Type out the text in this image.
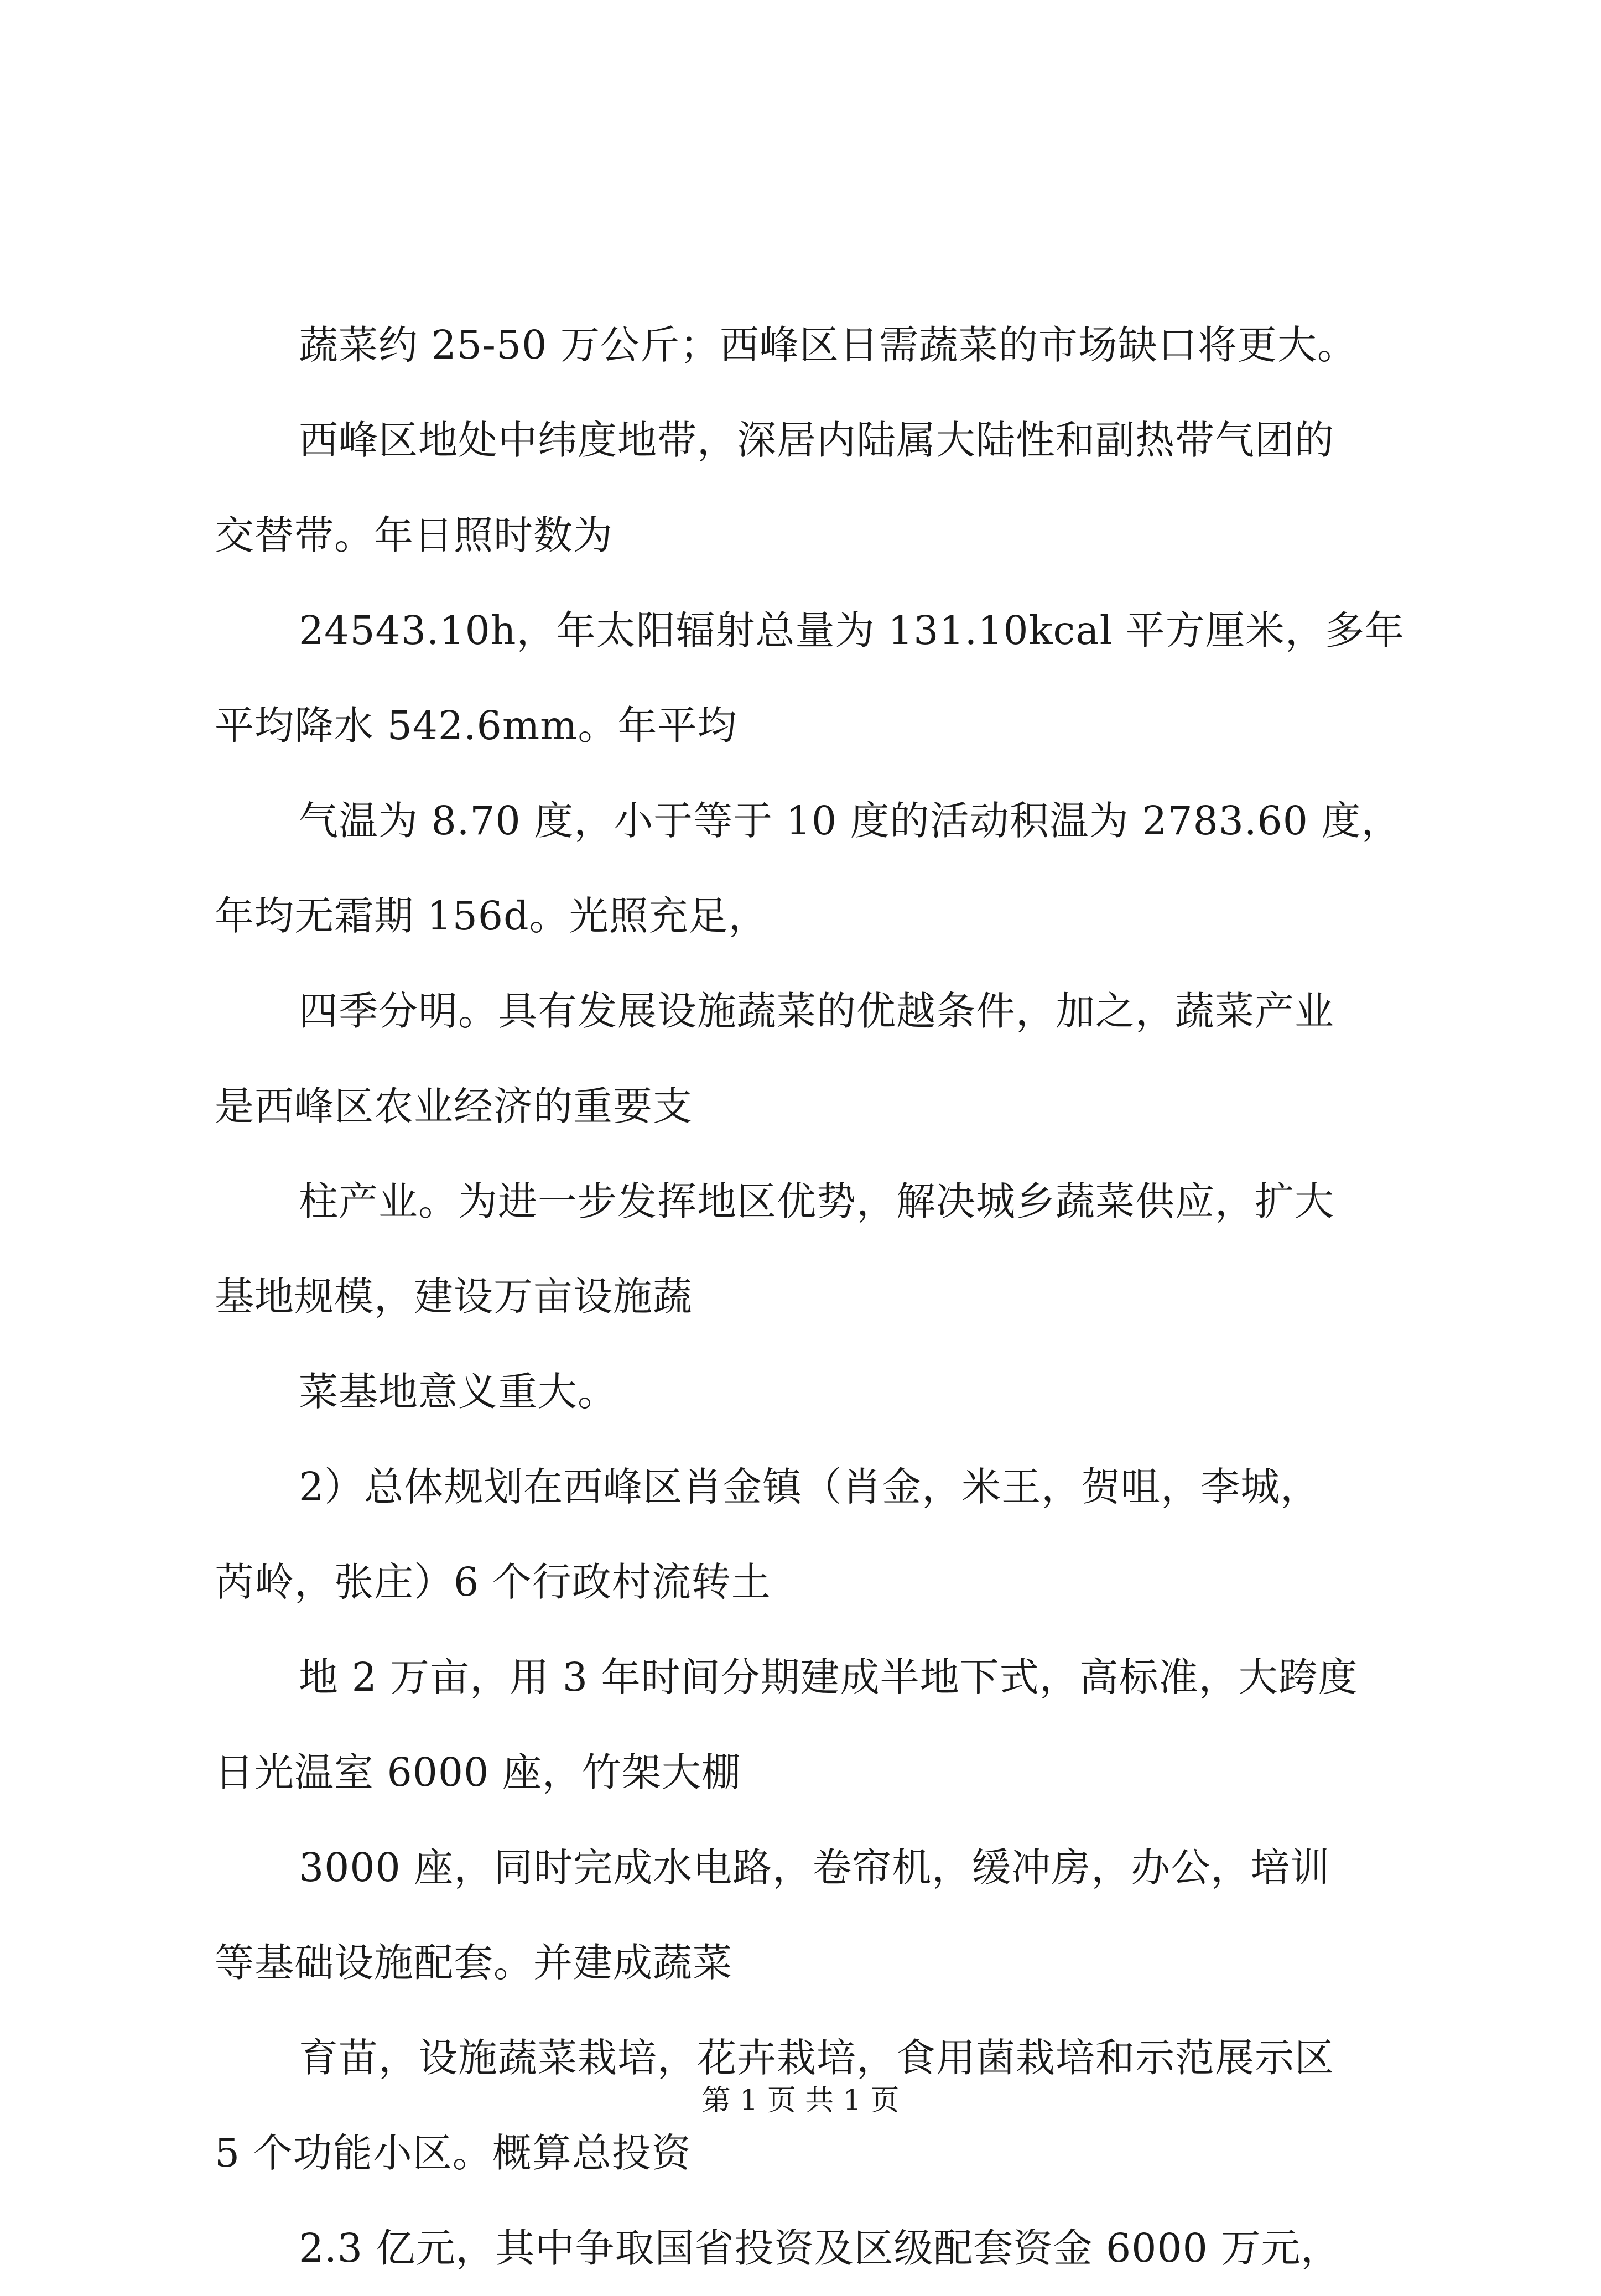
蔬菜约 25-50 万公斤；西峰区日需蔬菜的市场缺口将更大。
西峰区地处中纬度地带，深居内陆属大陆性和副热带气团的
交替带。年日照时数为
24543.10h，年太阳辐射总量为 131.10kcal 平方厘米，多年
平均降水 542.6mm。年平均
气温为 8.70 度，小于等于 10 度的活动积温为 2783.60 度，
年均无霜期 156d。光照充足，
四季分明。具有发展设施蔬菜的优越条件，加之，蔬菜产业
是西峰区农业经济的重要支
柱产业。为进一步发挥地区优势，解决城乡蔬菜供应，扩大
基地规模，建设万亩设施蔬
菜基地意义重大。
2）总体规划在西峰区肖金镇（肖金，米王，贺咀，李城，
芮岭，张庄）6 个行政村流转土
地 2 万亩，用 3 年时间分期建成半地下式，高标准，大跨度
日光温室 6000 座，竹架大棚
3000 座，同时完成水电路，卷帘机，缓冲房，办公，培训
等基础设施配套。并建成蔬菜
育苗，设施蔬菜栽培，花卉栽培，食用菌栽培和示范展示区
5 个功能小区。概算总投资
2.3 亿元，其中争取国省投资及区级配套资金 6000 万元，
第 1 页 共 1 页
